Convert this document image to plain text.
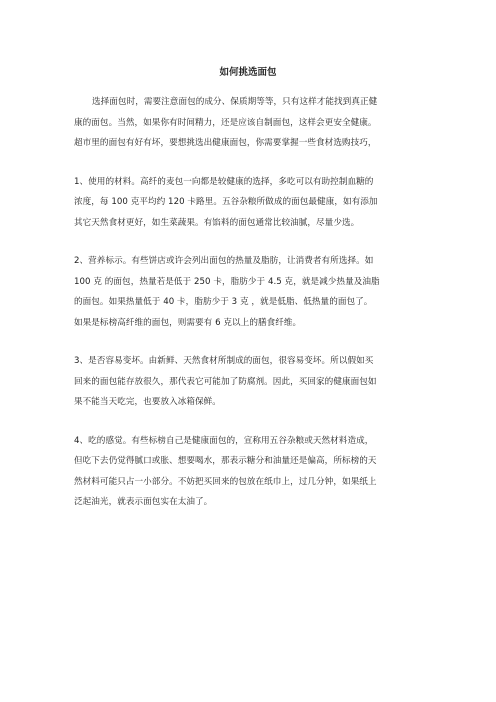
如何挑选面包

选择面包时，需要注意面包的成分、保质期等等，只有这样才能找到真正健
康的面包。当然，如果你有时间精力，还是应该自制面包，这样会更安全健康。
超市里的面包有好有坏，要想挑选出健康面包，你需要掌握一些食材选购技巧，

1、使用的材料。高纤的麦包一向都是较健康的选择，多吃可以有助控制血糖的
浓度，每 100 克平均约 120 卡路里。五谷杂粮所做成的面包最健康，如有添加
其它天然食材更好，如生菜蔬果。有馅料的面包通常比较油腻，尽量少选。

2、营养标示。有些饼店或许会列出面包的热量及脂肪，让消费者有所选择。如
100 克 的面包，热量若是低于 250 卡，脂肪少于 4.5 克，就是减少热量及油脂
的面包。如果热量低于 40 卡，脂肪少于 3 克 ，就是低脂、低热量的面包了。
如果是标榜高纤维的面包，则需要有 6 克以上的膳食纤维。

3、是否容易变坏。由新鲜、天然食材所制成的面包，很容易变坏。所以假如买
回来的面包能存放很久，那代表它可能加了防腐剂。因此，买回家的健康面包如
果不能当天吃完，也要放入冰箱保鲜。

4、吃的感觉。有些标榜自己是健康面包的，宣称用五谷杂粮或天然材料造成，
但吃下去仍觉得腻口或胀、想要喝水，那表示糖分和油量还是偏高，所标榜的天
然材料可能只占一小部分。不妨把买回来的包放在纸巾上，过几分钟，如果纸上
泛起油光，就表示面包实在太油了。
